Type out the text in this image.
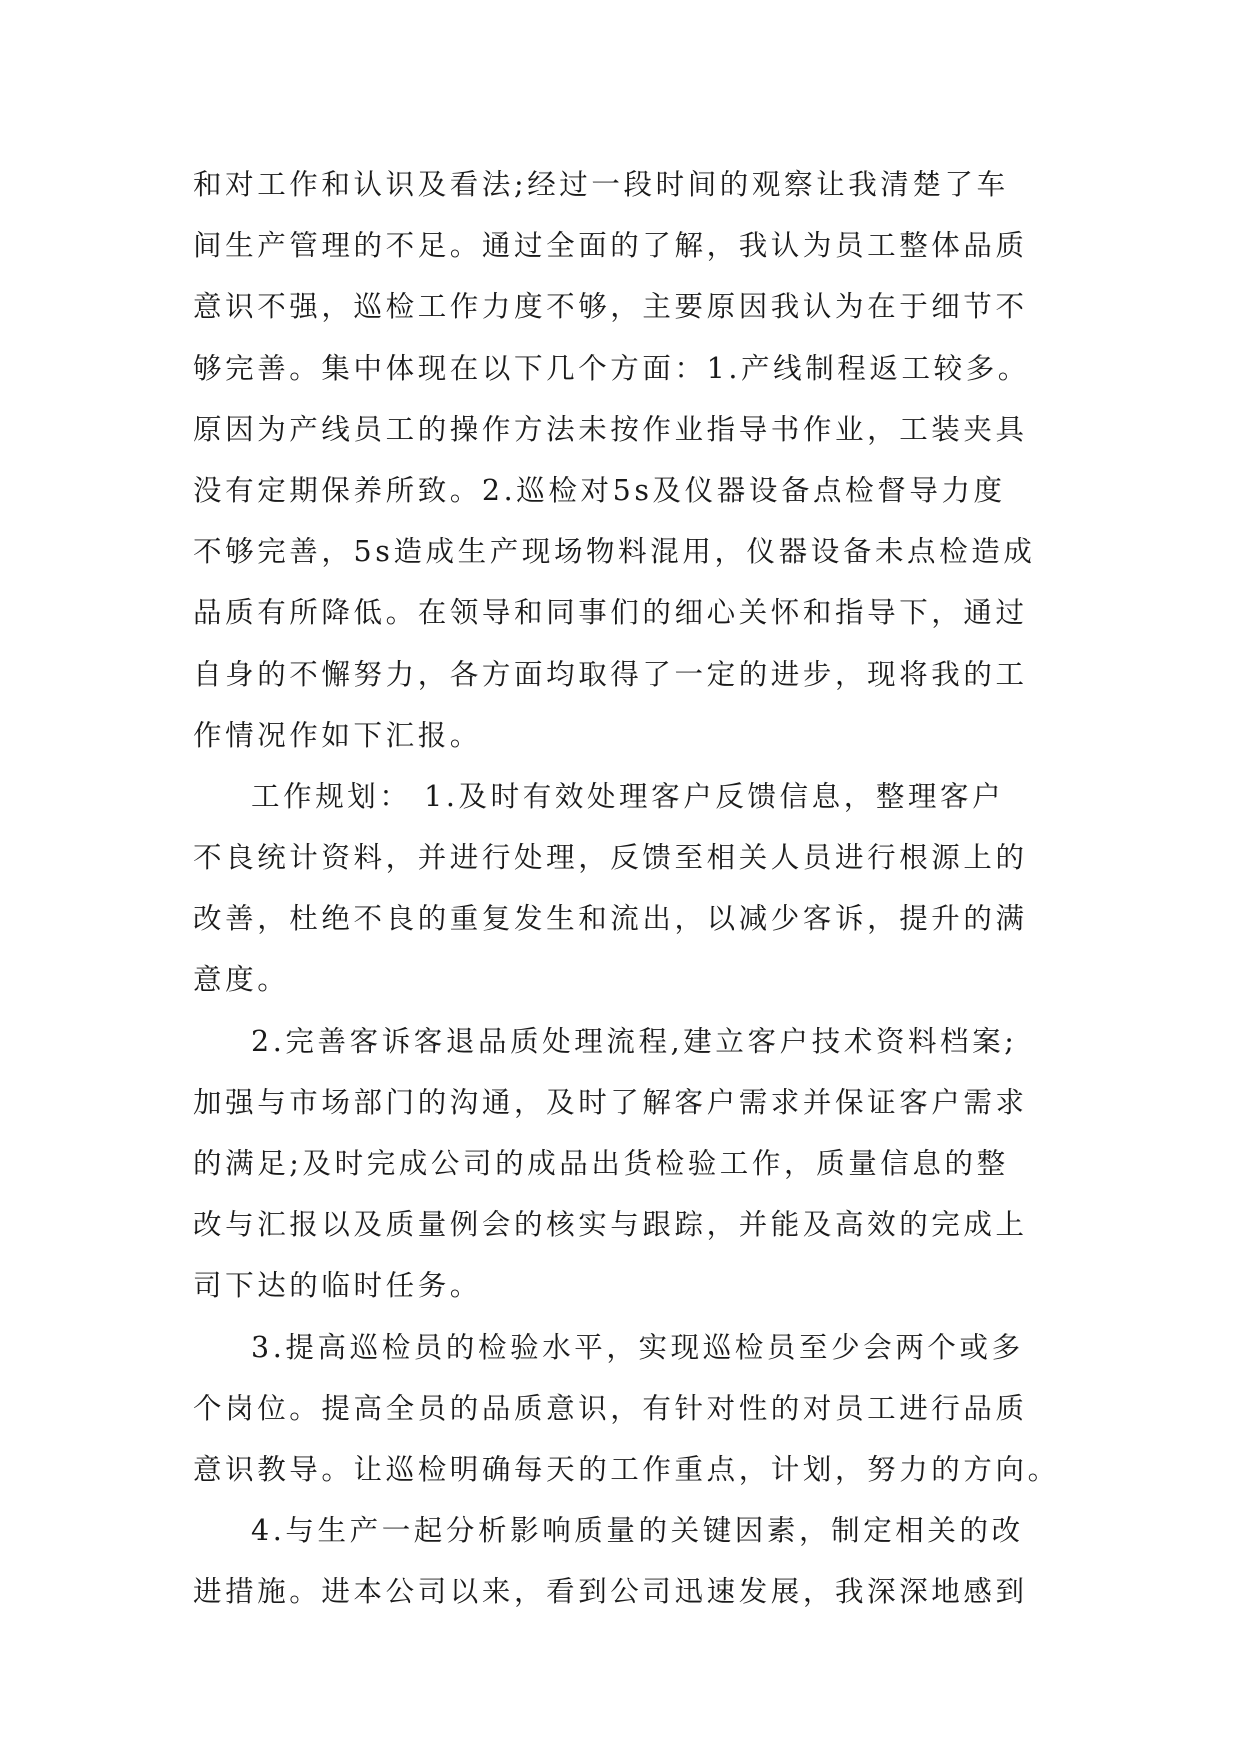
和对工作和认识及看法;经过一段时间的观察让我清楚了车
间生产管理的不足。通过全面的了解，我认为员工整体品质
意识不强，巡检工作力度不够，主要原因我认为在于细节不
够完善。集中体现在以下几个方面：1.产线制程返工较多。
原因为产线员工的操作方法未按作业指导书作业，工装夹具
没有定期保养所致。2.巡检对5s及仪器设备点检督导力度
不够完善，5s造成生产现场物料混用，仪器设备未点检造成
品质有所降低。在领导和同事们的细心关怀和指导下，通过
自身的不懈努力，各方面均取得了一定的进步，现将我的工
作情况作如下汇报。
工作规划： 1.及时有效处理客户反馈信息，整理客户
不良统计资料，并进行处理，反馈至相关人员进行根源上的
改善，杜绝不良的重复发生和流出，以减少客诉，提升的满
意度。
2.完善客诉客退品质处理流程,建立客户技术资料档案;
加强与市场部门的沟通，及时了解客户需求并保证客户需求
的满足;及时完成公司的成品出货检验工作，质量信息的整
改与汇报以及质量例会的核实与跟踪，并能及高效的完成上
司下达的临时任务。
3.提高巡检员的检验水平，实现巡检员至少会两个或多
个岗位。提高全员的品质意识，有针对性的对员工进行品质
意识教导。让巡检明确每天的工作重点，计划，努力的方向。
4.与生产一起分析影响质量的关键因素，制定相关的改
进措施。进本公司以来，看到公司迅速发展，我深深地感到
